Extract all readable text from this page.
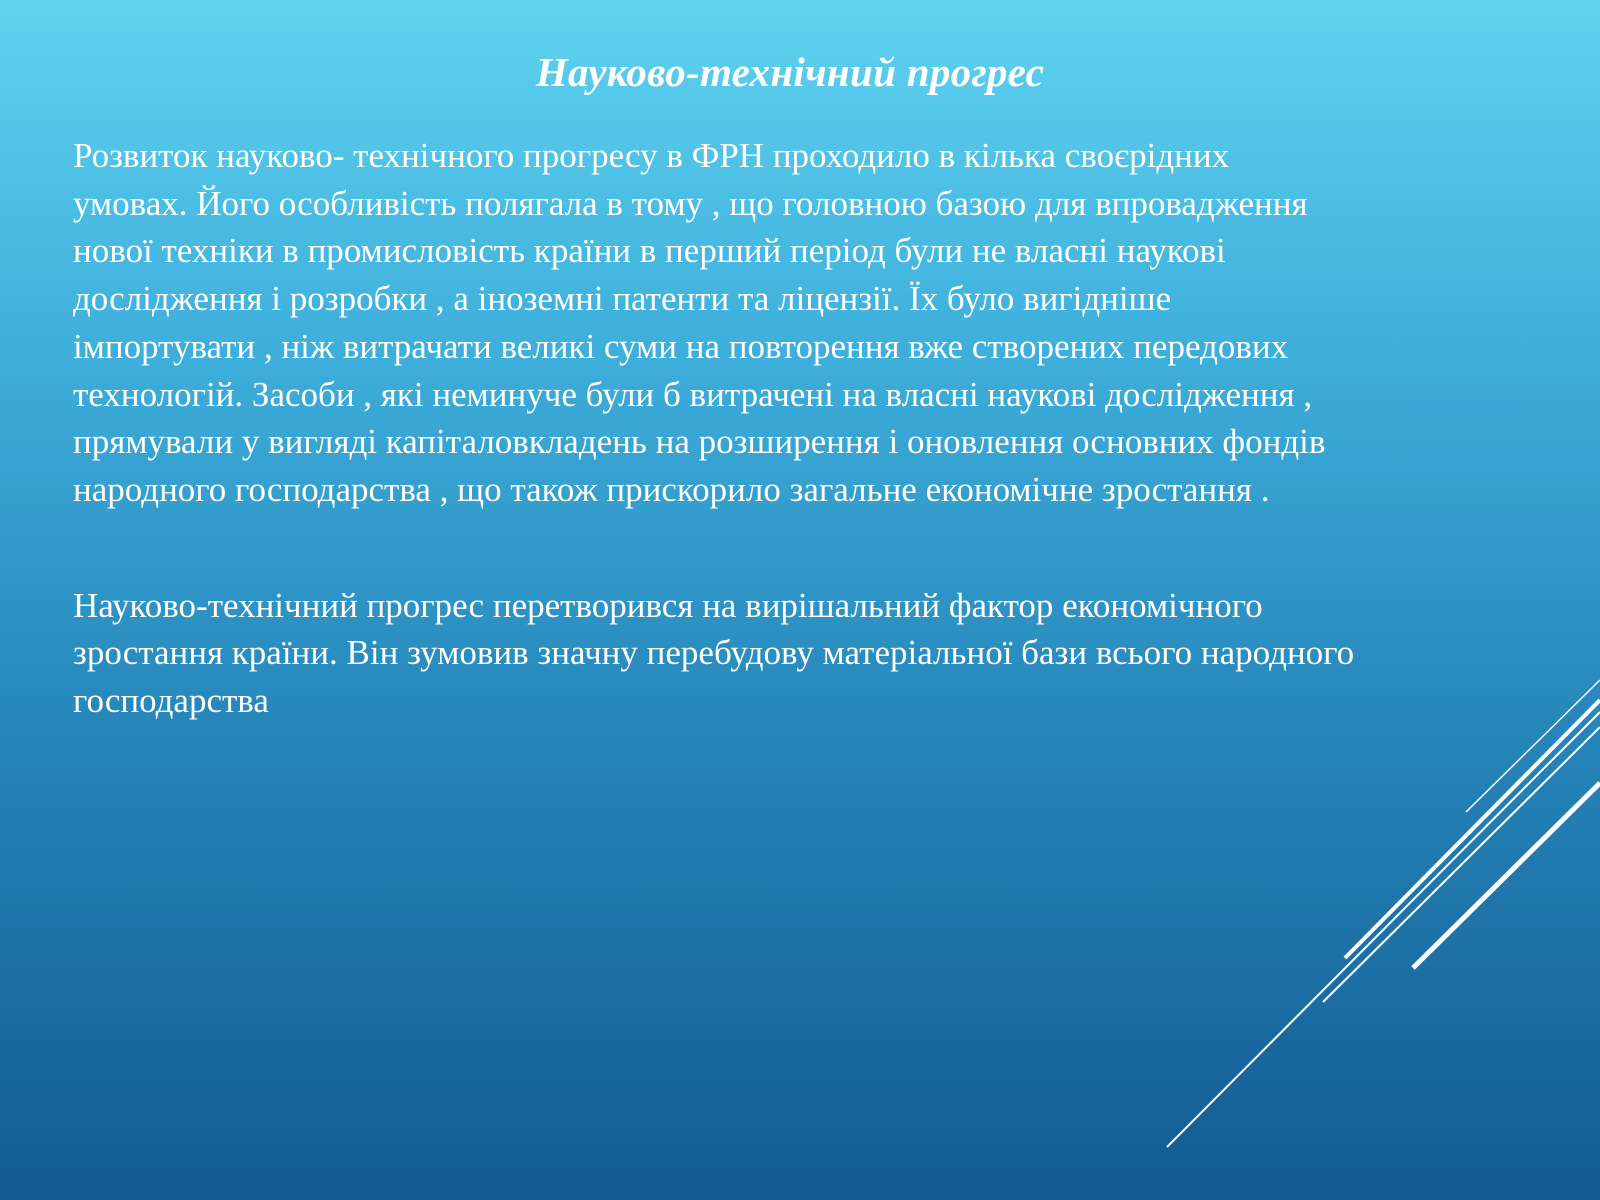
Науково-технічний прогрес

Розвиток науково- технічного прогресу в ФРН проходило в кілька своєрідних
умовах. Його особливість полягала в тому , що головною базою для впровадження
нової техніки в промисловість країни в перший період були не власні наукові
дослідження і розробки , а іноземні патенти та ліцензії. Їх було вигідніше
імпортувати , ніж витрачати великі суми на повторення вже створених передових
технологій. Засоби , які неминуче були б витрачені на власні наукові дослідження ,
прямували у вигляді капіталовкладень на розширення і оновлення основних фондів
народного господарства , що також прискорило загальне економічне зростання .

Науково-технічний прогрес перетворився на вирішальний фактор економічного
зростання країни. Він зумовив значну перебудову матеріальної бази всього народного
господарства
